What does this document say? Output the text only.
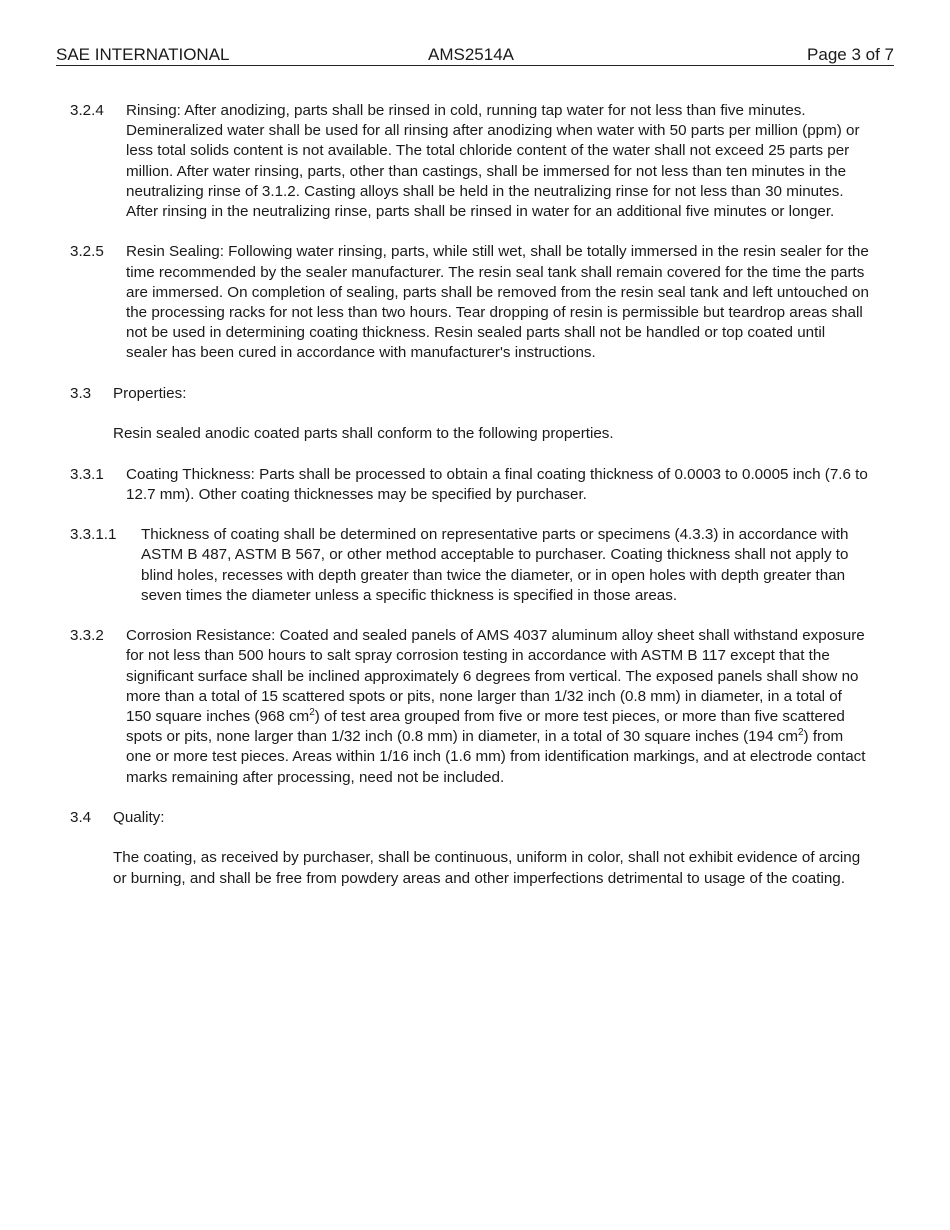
SAE INTERNATIONAL	AMS2514A	Page 3 of 7
3.2.4	Rinsing: After anodizing, parts shall be rinsed in cold, running tap water for not less than five minutes. Demineralized water shall be used for all rinsing after anodizing when water with 50 parts per million (ppm) or less total solids content is not available. The total chloride content of the water shall not exceed 25 parts per million. After water rinsing, parts, other than castings, shall be immersed for not less than ten minutes in the neutralizing rinse of 3.1.2. Casting alloys shall be held in the neutralizing rinse for not less than 30 minutes. After rinsing in the neutralizing rinse, parts shall be rinsed in water for an additional five minutes or longer.
3.2.5	Resin Sealing: Following water rinsing, parts, while still wet, shall be totally immersed in the resin sealer for the time recommended by the sealer manufacturer. The resin seal tank shall remain covered for the time the parts are immersed. On completion of sealing, parts shall be removed from the resin seal tank and left untouched on the processing racks for not less than two hours. Tear dropping of resin is permissible but teardrop areas shall not be used in determining coating thickness. Resin sealed parts shall not be handled or top coated until sealer has been cured in accordance with manufacturer's instructions.
3.3	Properties:
Resin sealed anodic coated parts shall conform to the following properties.
3.3.1	Coating Thickness: Parts shall be processed to obtain a final coating thickness of 0.0003 to 0.0005 inch (7.6 to 12.7 mm). Other coating thicknesses may be specified by purchaser.
3.3.1.1	Thickness of coating shall be determined on representative parts or specimens (4.3.3) in accordance with ASTM B 487, ASTM B 567, or other method acceptable to purchaser. Coating thickness shall not apply to blind holes, recesses with depth greater than twice the diameter, or in open holes with depth greater than seven times the diameter unless a specific thickness is specified in those areas.
3.3.2	Corrosion Resistance: Coated and sealed panels of AMS 4037 aluminum alloy sheet shall withstand exposure for not less than 500 hours to salt spray corrosion testing in accordance with ASTM B 117 except that the significant surface shall be inclined approximately 6 degrees from vertical. The exposed panels shall show no more than a total of 15 scattered spots or pits, none larger than 1/32 inch (0.8 mm) in diameter, in a total of 150 square inches (968 $cm^2$) of test area grouped from five or more test pieces, or more than five scattered spots or pits, none larger than 1/32 inch (0.8 mm) in diameter, in a total of 30 square inches (194 $cm^2$) from one or more test pieces. Areas within 1/16 inch (1.6 mm) from identification markings, and at electrode contact marks remaining after processing, need not be included.
3.4	Quality:
The coating, as received by purchaser, shall be continuous, uniform in color, shall not exhibit evidence of arcing or burning, and shall be free from powdery areas and other imperfections detrimental to usage of the coating.
